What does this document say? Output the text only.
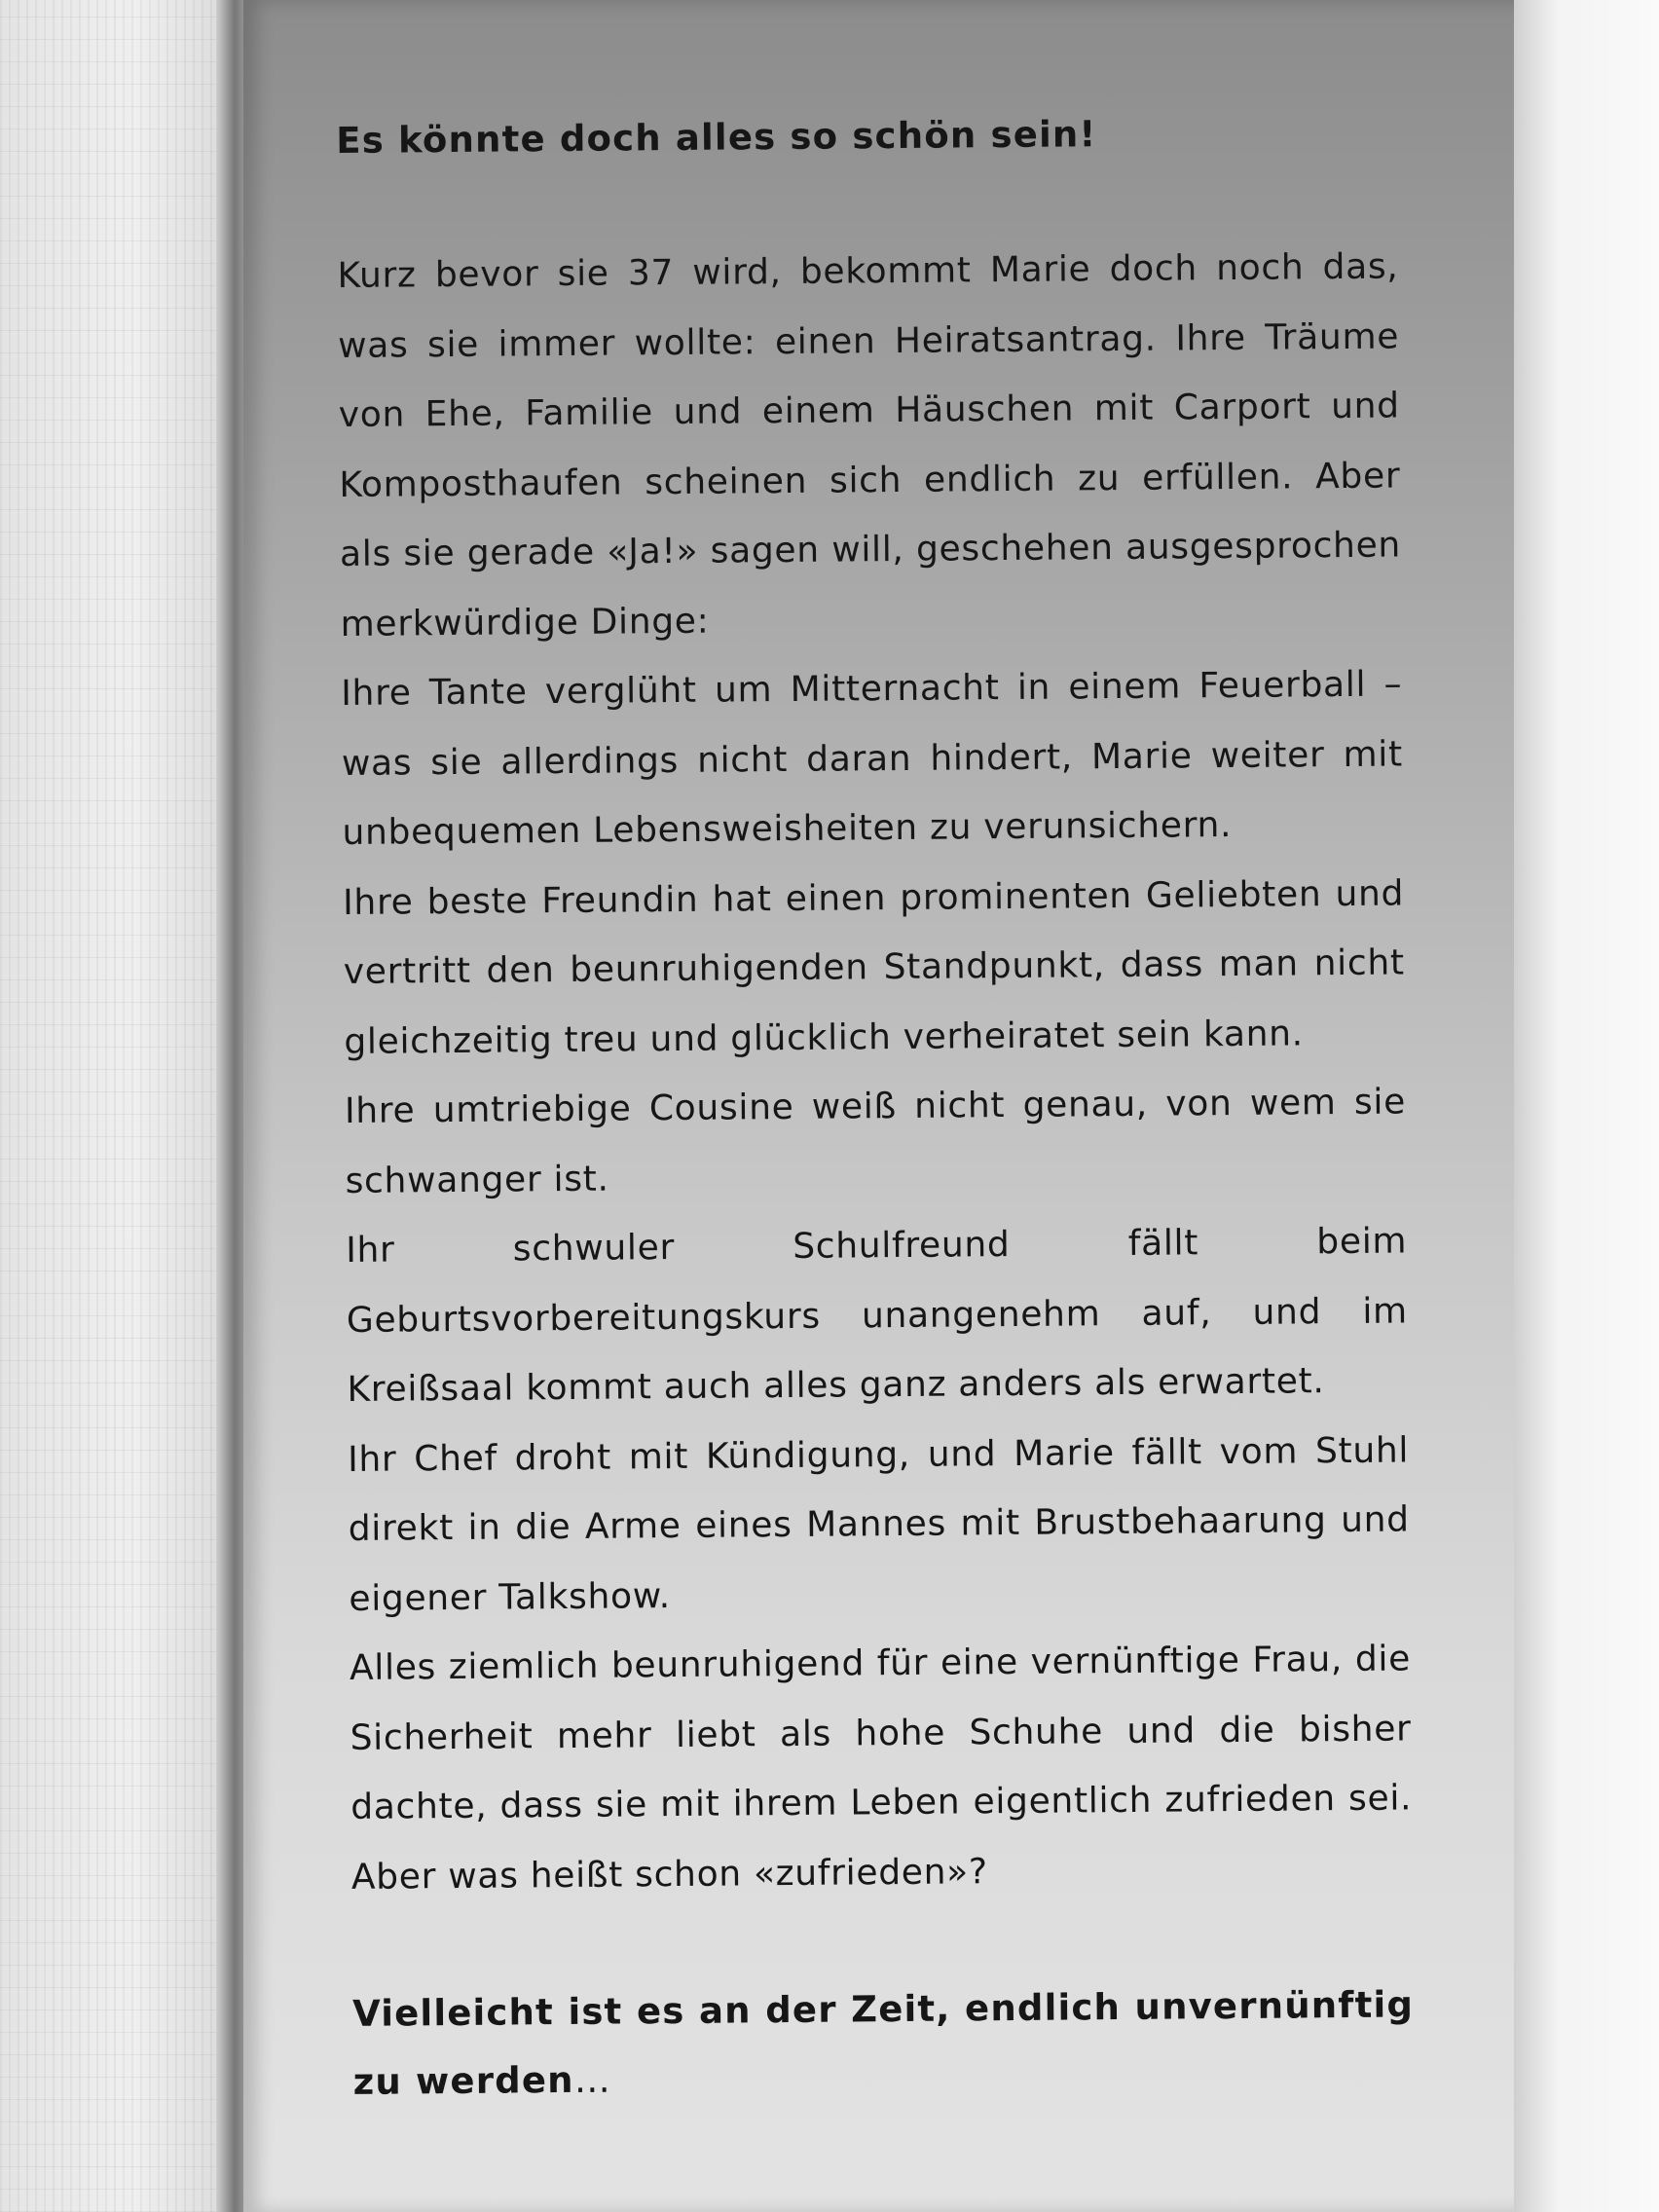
Es könnte doch alles so schön sein!

Kurz bevor sie 37 wird, bekommt Marie doch noch das, was sie immer wollte: einen Heiratsantrag. Ihre Träume von Ehe, Familie und einem Häuschen mit Carport und Komposthaufen scheinen sich endlich zu erfüllen. Aber als sie gerade «Ja!» sagen will, geschehen ausgesprochen merkwürdige Dinge:

Ihre Tante verglüht um Mitternacht in einem Feuerball – was sie allerdings nicht daran hindert, Marie weiter mit unbequemen Lebensweisheiten zu verunsichern.

Ihre beste Freundin hat einen prominenten Geliebten und vertritt den beunruhigenden Standpunkt, dass man nicht gleichzeitig treu und glücklich verheiratet sein kann.

Ihre umtriebige Cousine weiß nicht genau, von wem sie schwanger ist.

Ihr schwuler Schulfreund fällt beim Geburtsvorbereitungskurs unangenehm auf, und im Kreißsaal kommt auch alles ganz anders als erwartet.

Ihr Chef droht mit Kündigung, und Marie fällt vom Stuhl direkt in die Arme eines Mannes mit Brustbehaarung und eigener Talkshow.

Alles ziemlich beunruhigend für eine vernünftige Frau, die Sicherheit mehr liebt als hohe Schuhe und die bisher dachte, dass sie mit ihrem Leben eigentlich zufrieden sei. Aber was heißt schon «zufrieden»?

Vielleicht ist es an der Zeit, endlich unvernünftig zu werden…
